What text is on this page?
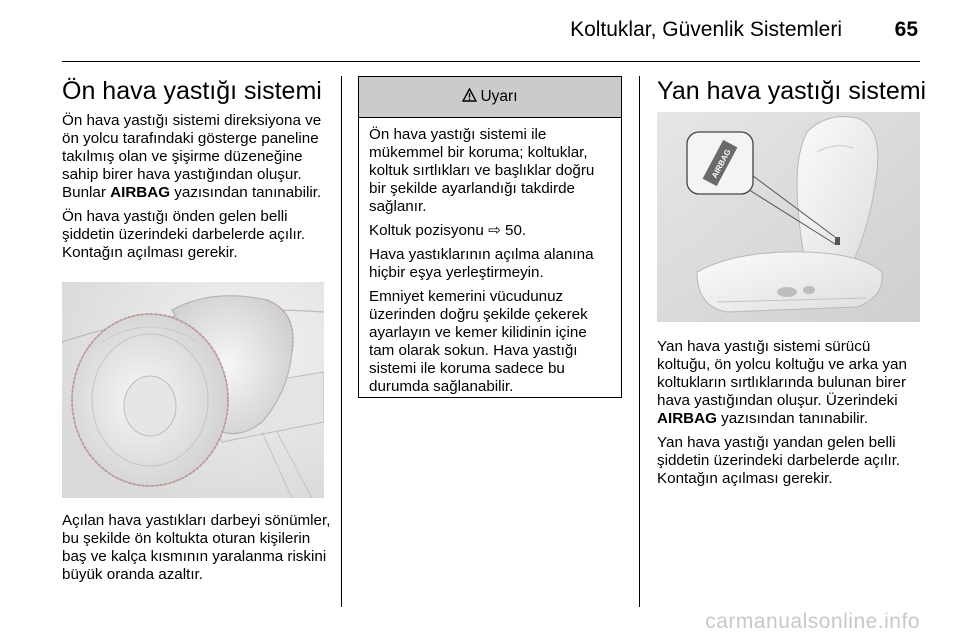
Koltuklar, Güvenlik Sistemleri	65
Ön hava yastığı sistemi

Ön hava yastığı sistemi direksiyona ve ön yolcu tarafındaki gösterge paneline takılmış olan ve şişirme düzeneğine sahip birer hava yastığından oluşur. Bunlar AIRBAG yazısından tanınabilir.

Ön hava yastığı önden gelen belli şiddetin üzerindeki darbelerde açılır. Kontağın açılması gerekir.

Açılan hava yastıkları darbeyi sönümler, bu şekilde ön koltukta oturan kişilerin baş ve kalça kısmının yaralanma riskini büyük oranda azaltır.

Uyarı

Ön hava yastığı sistemi ile mükemmel bir koruma; koltuklar, koltuk sırtlıkları ve başlıklar doğru bir şekilde ayarlandığı takdirde sağlanır.

Koltuk pozisyonu ⇨ 50.

Hava yastıklarının açılma alanına hiçbir eşya yerleştirmeyin.

Emniyet kemerini vücudunuz üzerinden doğru şekilde çekerek ayarlayın ve kemer kilidinin içine tam olarak sokun. Hava yastığı sistemi ile koruma sadece bu durumda sağlanabilir.

Yan hava yastığı sistemi
AIRBAG

Yan hava yastığı sistemi sürücü koltuğu, ön yolcu koltuğu ve arka yan koltukların sırtlıklarında bulunan birer hava yastığından oluşur. Üzerindeki AIRBAG yazısından tanınabilir.

Yan hava yastığı yandan gelen belli şiddetin üzerindeki darbelerde açılır. Kontağın açılması gerekir.

carmanualsonline.info
